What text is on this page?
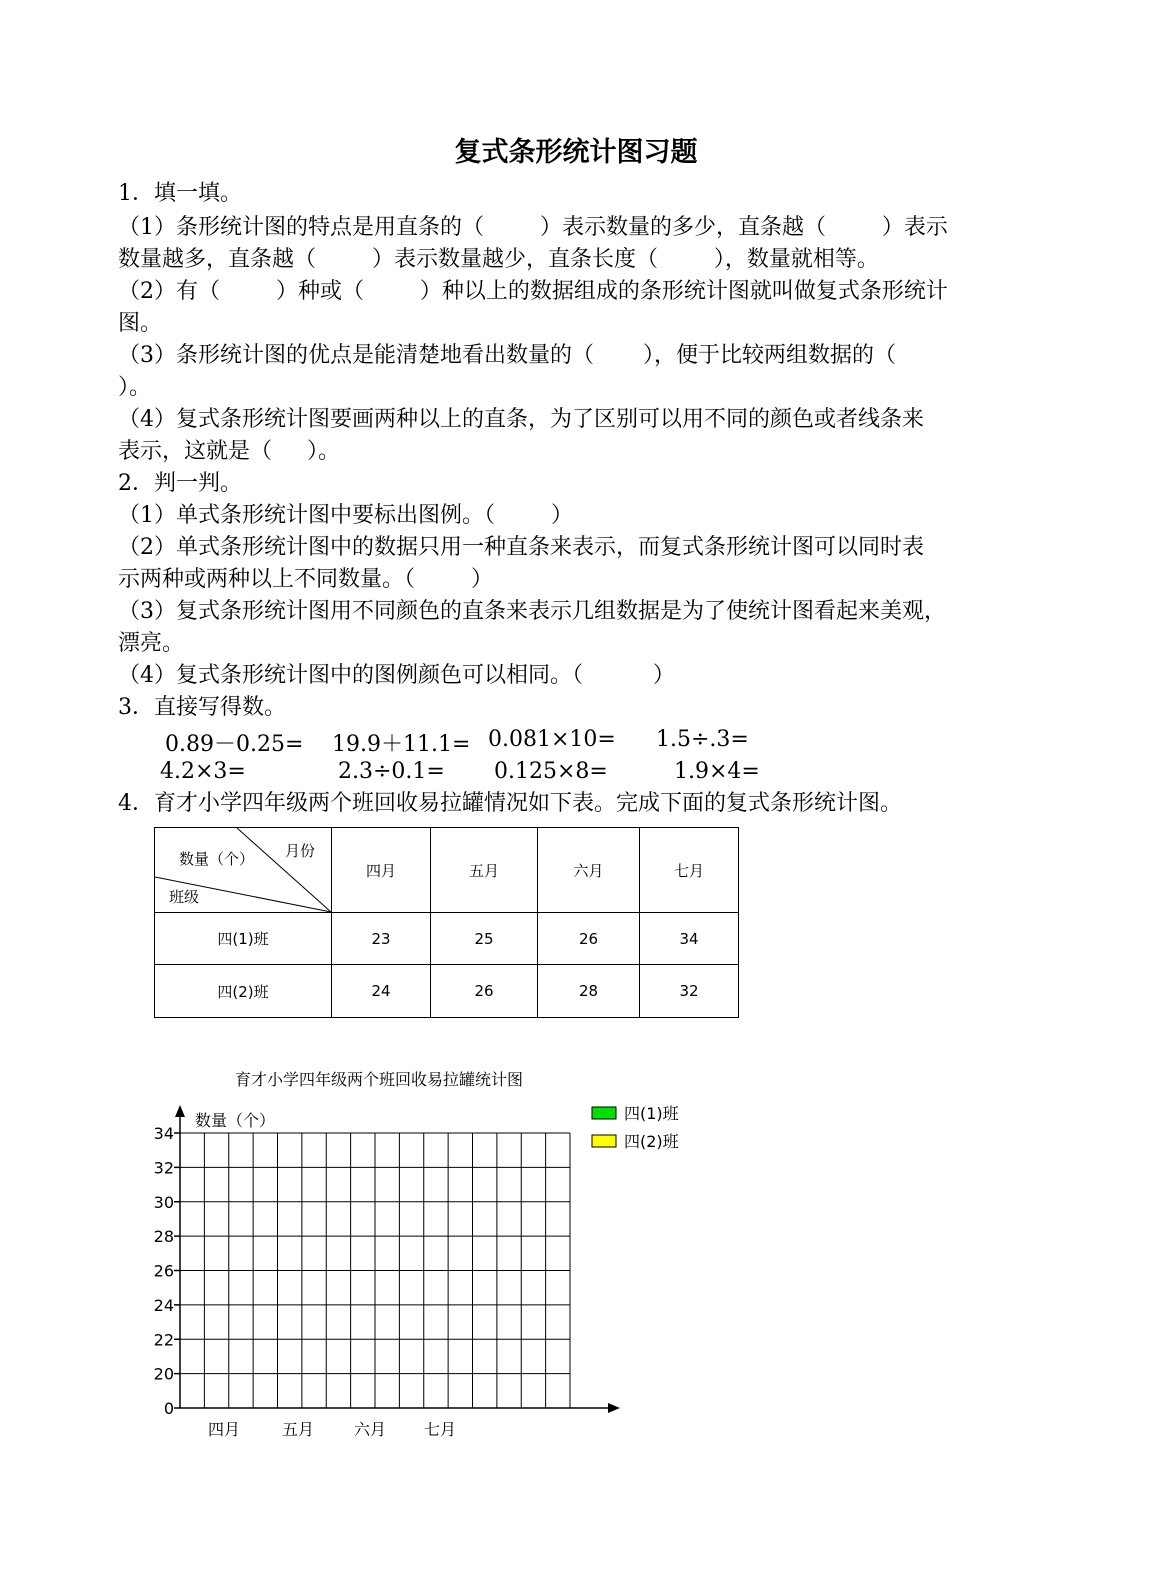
复式条形统计图习题
1．填一填。
（1）条形统计图的特点是用直条的（        ）表示数量的多少，直条越（        ）表示
数量越多，直条越（        ）表示数量越少，直条长度（        ），数量就相等。
（2）有（        ）种或（        ）种以上的数据组成的条形统计图就叫做复式条形统计
图。
（3）条形统计图的优点是能清楚地看出数量的（       ），便于比较两组数据的（
）。
（4）复式条形统计图要画两种以上的直条，为了区别可以用不同的颜色或者线条来
表示，这就是（     ）。
2．判一判。
（1）单式条形统计图中要标出图例。（        ）
（2）单式条形统计图中的数据只用一种直条来表示，而复式条形统计图可以同时表
示两种或两种以上不同数量。（        ）
（3）复式条形统计图用不同颜色的直条来表示几组数据是为了使统计图看起来美观，
漂亮。
（4）复式条形统计图中的图例颜色可以相同。（          ）
3．直接写得数。
0.89－0.25= 19.9＋11.1= 0.081×10= 1.5÷.3=
4.2×3=	2.3÷0.1= 0.125×8=	1.9×4=
4．育才小学四年级两个班回收易拉罐情况如下表。完成下面的复式条形统计图。
月份
数量（个）
班级	四月	五月	六月	七月
四(1)班	23	25	26	34
四(2)班	24	26	28	32
育才小学四年级两个班回收易拉罐统计图
数量（个）
0
20
22
24
26
28
30
32
34
四月	五月 六月 七月
四(1)班
四(2)班
